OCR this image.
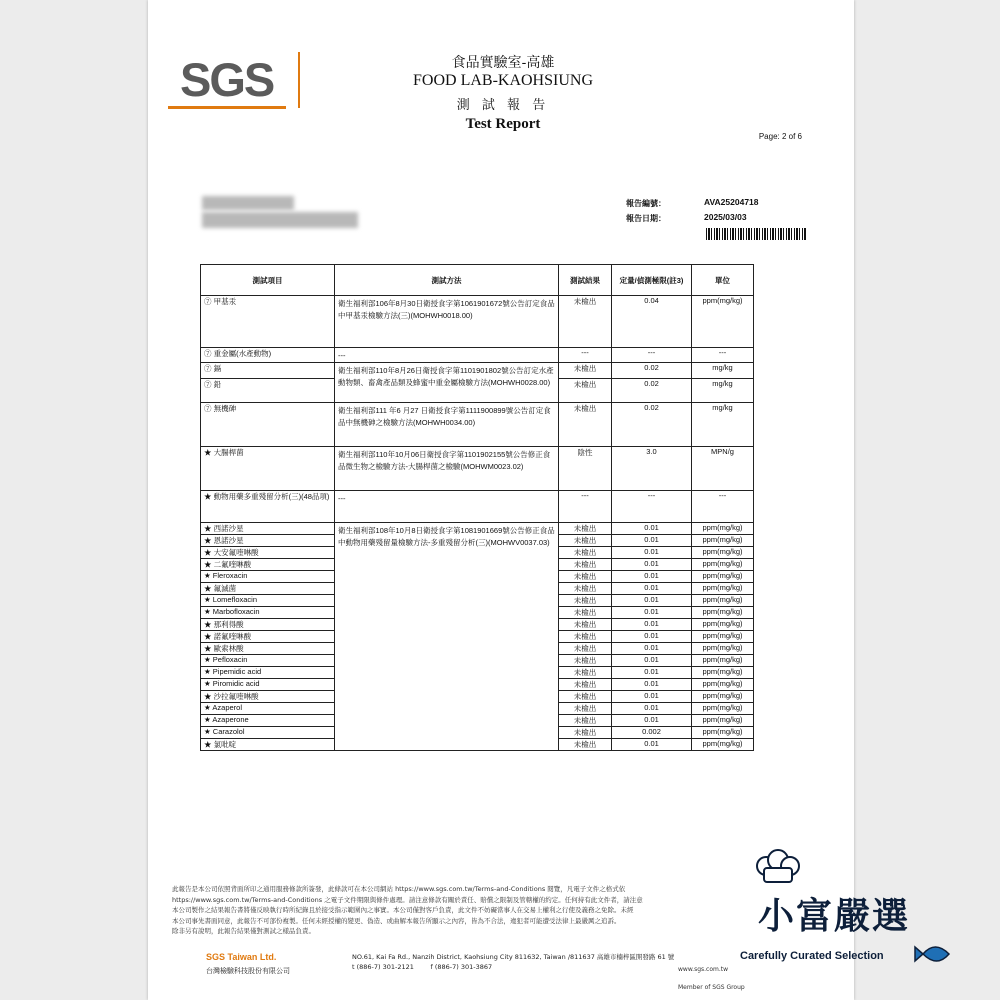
SGS	食品實驗室-高雄
FOOD LAB-KAOHSIUNG
測 試 報 告
Test Report
Page: 2 of 6
報告編號：	AVA25204718
報告日期：	2025/03/03
測試項目	測試方法	測試結果	定量/偵測極限(註3)	單位
⑦ 甲基汞	衛生福利部106年8月30日衛授食字第1061901672號公告訂定食品中甲基汞檢驗方法(三)(MOHWH0018.00)	未檢出	0.04	ppm(mg/kg)
⑦ 重金屬(水產動物)	---	---	---	---
⑦ 鎘	衛生福利部110年8月26日衛授食字第1101901802號公告訂定水產動物類、畜禽產品類及蜂蜜中重金屬檢驗方法(MOHWH0028.00)	未檢出	0.02	mg/kg
⑦ 鉛		未檢出	0.02	mg/kg
⑦ 無機砷	衛生福利部111 年6 月27 日衛授食字第1111900899號公告訂定食品中無機砷之檢驗方法(MOHWH0034.00)	未檢出	0.02	mg/kg
★ 大腸桿菌	衛生福利部110年10月06日衛授食字第1101902155號公告修正食品微生物之檢驗方法-大腸桿菌之檢驗(MOHWM0023.02)	陰性	3.0	MPN/g
★ 動物用藥多重殘留分析(三)(48品項)	---	---	---	---
★ 西諾沙星	衛生福利部108年10月8日衛授食字第1081901669號公告修正食品中動物用藥殘留量檢驗方法-多重殘留分析(三)(MOHWV0037.03)	未檢出	0.01	ppm(mg/kg)
★ 恩諾沙星		未檢出	0.01	ppm(mg/kg)
★ 大安氟喹啉酸		未檢出	0.01	ppm(mg/kg)
★ 二氟喹啉酸		未檢出	0.01	ppm(mg/kg)
★ Fleroxacin		未檢出	0.01	ppm(mg/kg)
★ 氟滅菌		未檢出	0.01	ppm(mg/kg)
★ Lomefloxacin		未檢出	0.01	ppm(mg/kg)
★ Marbofloxacin		未檢出	0.01	ppm(mg/kg)
★ 那利得酸		未檢出	0.01	ppm(mg/kg)
★ 諾氟喹啉酸		未檢出	0.01	ppm(mg/kg)
★ 歐索林酸		未檢出	0.01	ppm(mg/kg)
★ Pefloxacin		未檢出	0.01	ppm(mg/kg)
★ Pipemidic acid		未檢出	0.01	ppm(mg/kg)
★ Piromidic acid		未檢出	0.01	ppm(mg/kg)
★ 沙拉氟喹啉酸		未檢出	0.01	ppm(mg/kg)
★ Azaperol		未檢出	0.01	ppm(mg/kg)
★ Azaperone		未檢出	0.01	ppm(mg/kg)
★ Carazolol		未檢出	0.002	ppm(mg/kg)
★ 氯吡啶		未檢出	0.01	ppm(mg/kg)

此報告是本公司依照背面所印之通用服務條款所簽發，此條款可在本公司網站 https://www.sgs.com.tw/Terms-and-Conditions 閱覽，凡電子文件之格式依

https://www.sgs.com.tw/Terms-and-Conditions 之電子文件期限與條件處理。請注意條款有關於責任、賠償之限制及管轄權的約定。任何持有此文件者，請注意

本公司製作之結果報告書將僅反映執行時所紀錄且於接受指示範圍內之事實。本公司僅對客戶負責，此文件不妨礙當事人在交易上權利之行使及義務之免除。未經

本公司事先書面同意，此報告不可部份複製。任何未經授權的變更、偽造、或曲解本報告所顯示之內容，皆為不合法，違犯者可能遭受法律上最嚴厲之追訴。

除非另有說明，此報告結果僅對測試之樣品負責。

SGS Taiwan Ltd.
台灣檢驗科技股份有限公司

NO.61, Kai Fa Rd., Nanzih District, Kaohsiung City 811632, Taiwan /811637 高雄市楠梓區開發路 61 號

t (886-7) 301-2121	f (886-7) 301-3867	www.sgs.com.tw
Member of SGS Group
小富嚴選
Carefully Curated Selection
